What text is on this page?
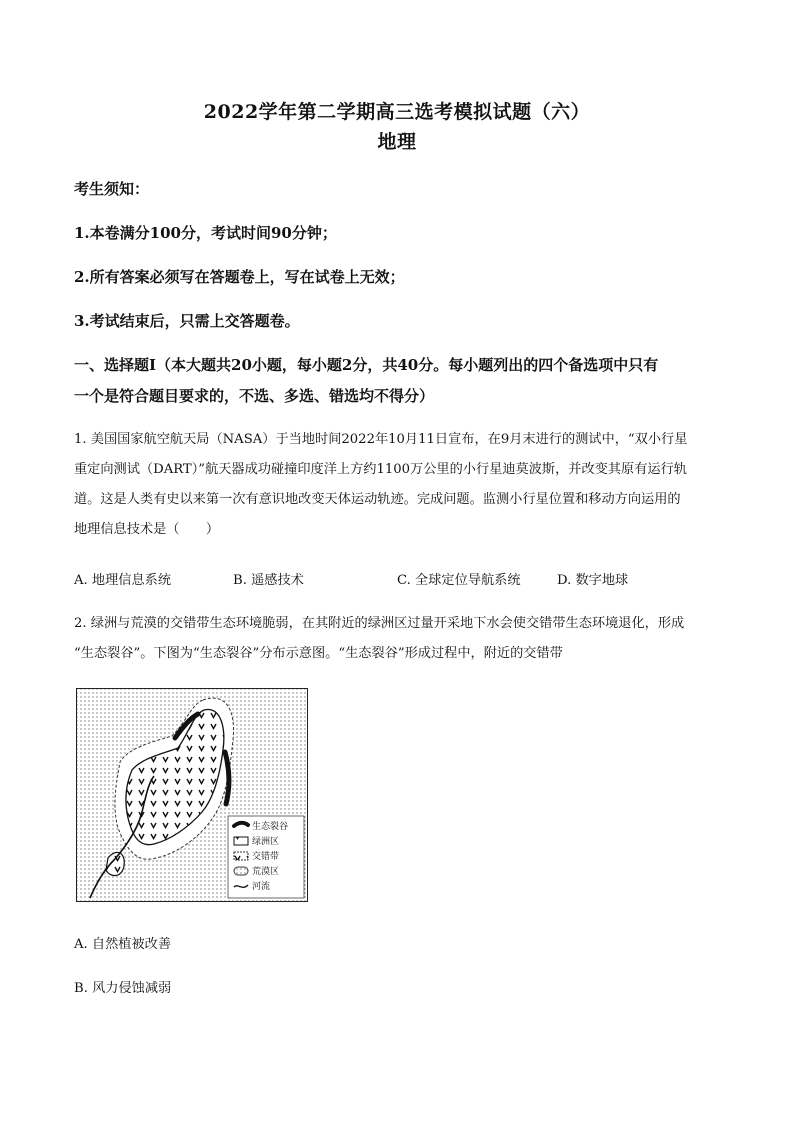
2022学年第二学期高三选考模拟试题（六）
地理
考生须知：
1.本卷满分100分，考试时间90分钟；
2.所有答案必须写在答题卷上，写在试卷上无效；
3.考试结束后，只需上交答题卷。
一、选择题Ⅰ（本大题共20小题，每小题2分，共40分。每小题列出的四个备选项中只有
一个是符合题目要求的，不选、多选、错选均不得分）
1. 美国国家航空航天局（NASA）于当地时间2022年10月11日宣布，在9月末进行的测试中，“双小行星
重定向测试（DART）”航天器成功碰撞印度洋上方约1100万公里的小行星迪莫波斯，并改变其原有运行轨
道。这是人类有史以来第一次有意识地改变天体运动轨迹。完成问题。监测小行星位置和移动方向运用的
地理信息技术是（　　）
A. 地理信息系统	B. 遥感技术	C. 全球定位导航系统	D. 数字地球
2. 绿洲与荒漠的交错带生态环境脆弱，在其附近的绿洲区过量开采地下水会使交错带生态环境退化，形成
“生态裂谷”。下图为“生态裂谷”分布示意图。“生态裂谷”形成过程中，附近的交错带
生态裂谷
绿洲区
交错带
荒漠区
河流
A. 自然植被改善
B. 风力侵蚀减弱
